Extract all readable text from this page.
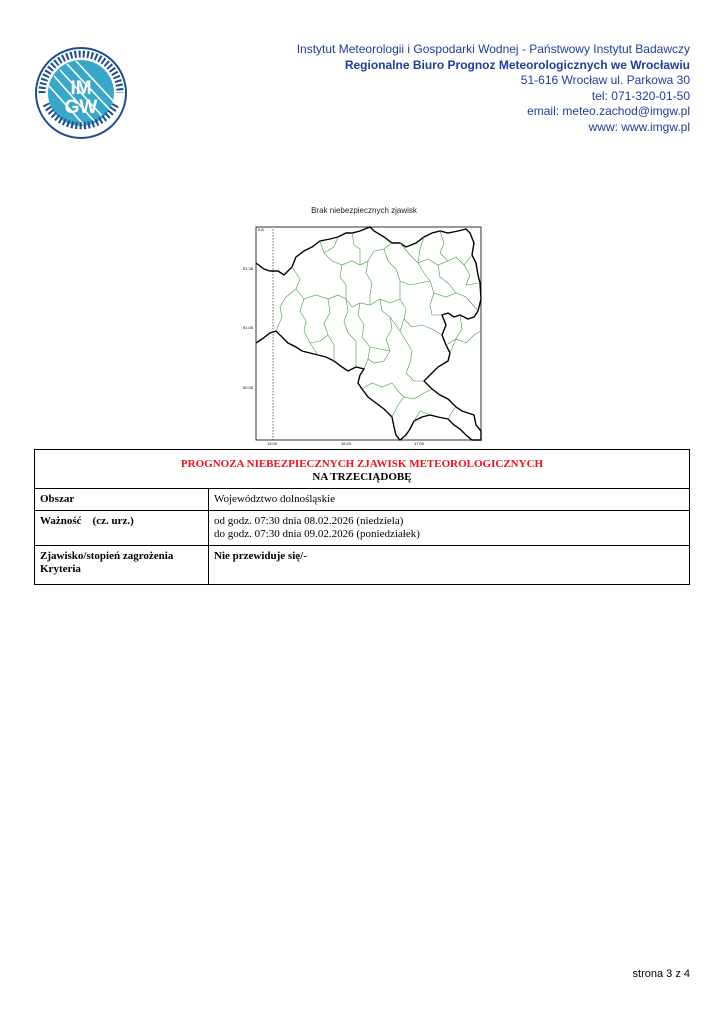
IM
GW
Instytut Meteorologii i Gospodarki Wodnej - Państwowy Instytut Badawczy
Regionalne Biuro Prognoz Meteorologicznych we Wrocławiu
51-616 Wrocław ul. Parkowa 30
tel: 071-320-01-50
email: meteo.zachod@imgw.pl
www: www.imgw.pl
Brak niebezpiecznych zjawisk
0.8
51.38
51.05
50.55
15.00	16.00	17.00
PROGNOZA NIEBEZPIECZNYCH ZJAWISK METEOROLOGICZNYCH
NA TRZECIĄDOBĘ	

Obszar	Województwo dolnośląskie
Ważność    (cz. urz.)	od godz. 07:30 dnia 08.02.2026 (niedziela)
do godz. 07:30 dnia 09.02.2026 (poniedziałek)

Zjawisko/stopień zagrożenia
Kryteria	Nie przewiduje się/-
strona 3 z 4
